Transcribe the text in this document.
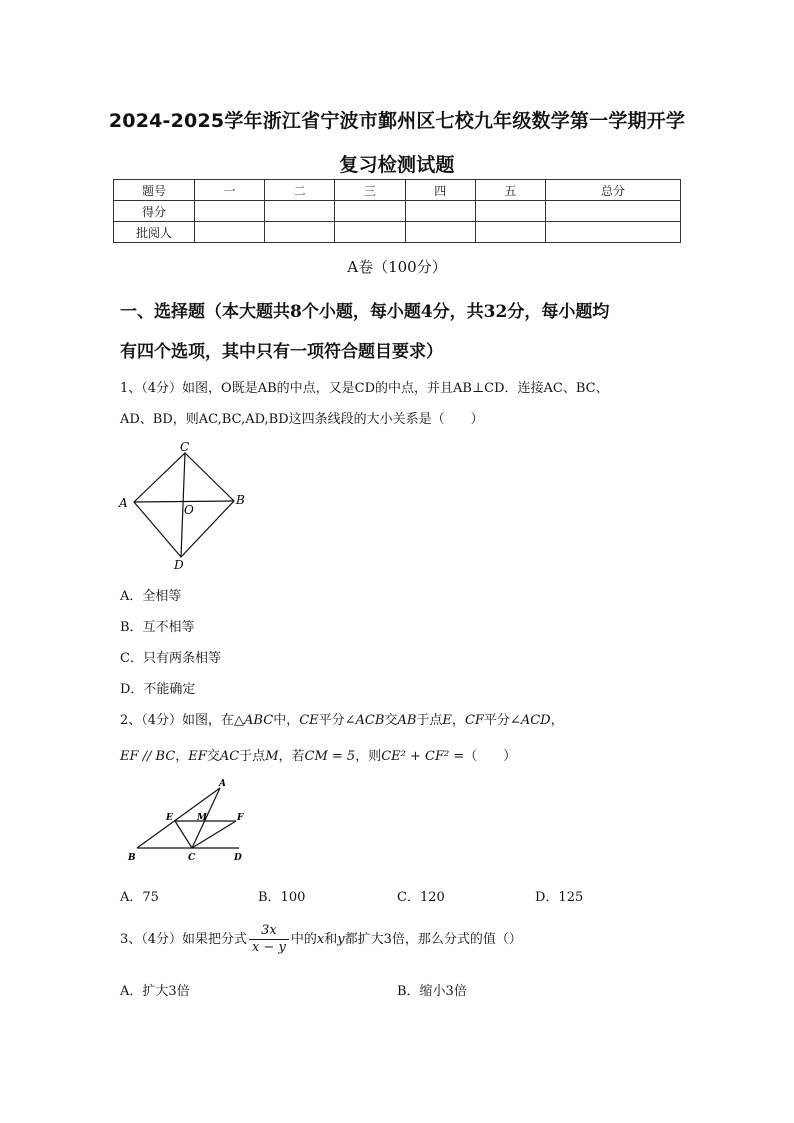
2024-2025学年浙江省宁波市鄞州区七校九年级数学第一学期开学
复习检测试题
题号	一	二	三	四	五	总分
得分						
批阅人						
A卷（100分）
一、选择题（本大题共8个小题，每小题4分，共32分，每小题均
有四个选项，其中只有一项符合题目要求）
1、（4分）如图，O既是AB的中点，又是CD的中点，并且AB⊥CD．连接AC、BC、
AD、BD，则AC,BC,AD,BD这四条线段的大小关系是（　　）
C
A	B
O
D
A．全相等
B．互不相等
C．只有两条相等
D．不能确定
2、（4分）如图，在△ABC中，CE平分∠ACB交AB于点E，CF平分∠ACD，
EF // BC，EF交AC于点M，若CM = 5，则CE² + CF² =（　　）
A
E	M	F
B	C	D
A．75	B．100	C．120	D．125
3、（4分）如果把分式 $\frac{3x}{x - y}$ 中的x和y都扩大3倍，那么分式的值（）
A．扩大3倍	B．缩小3倍
